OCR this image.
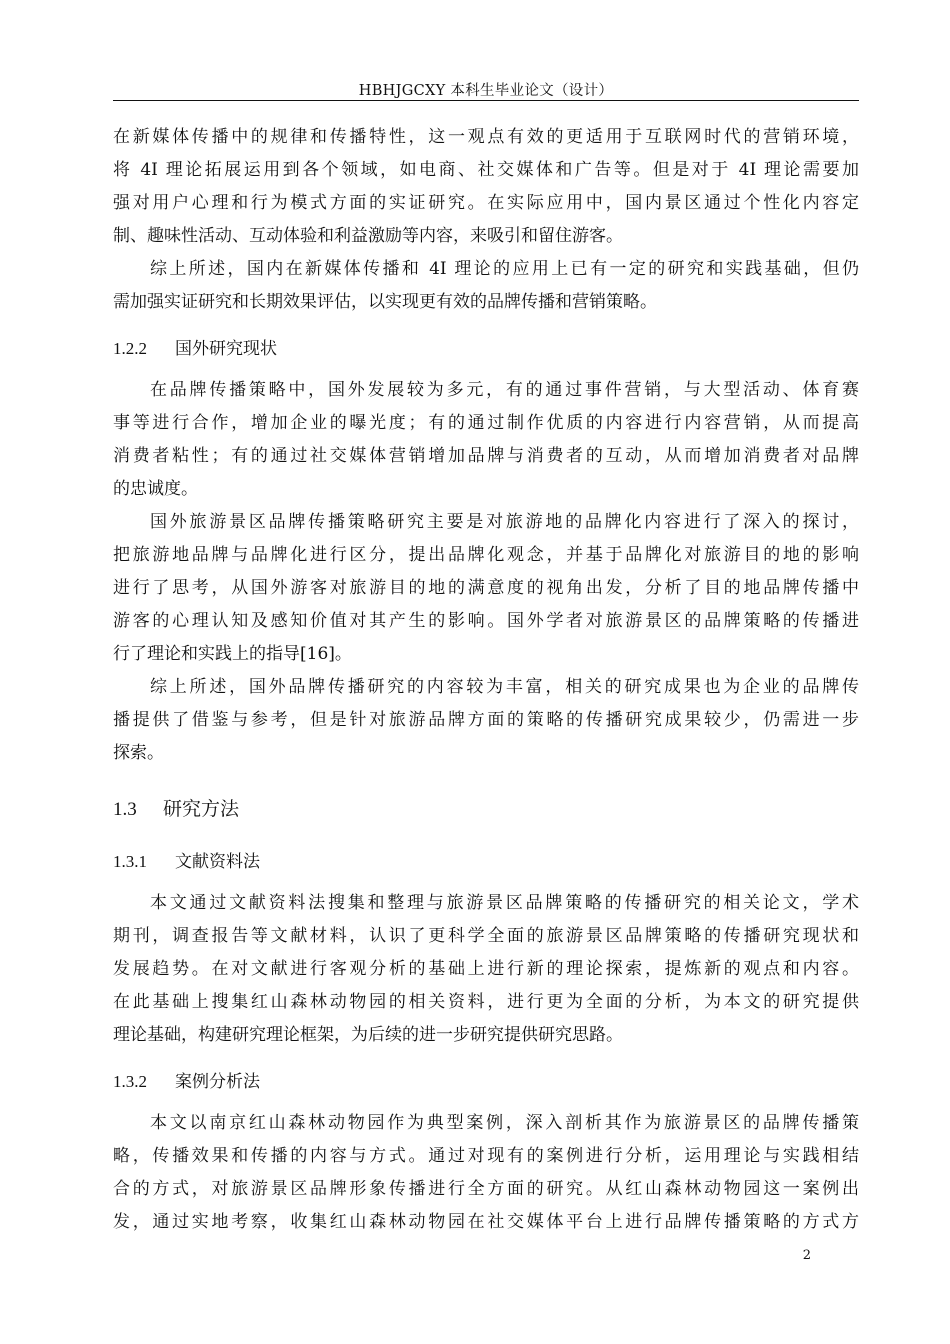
HBHJGCXY 本科生毕业论文（设计）
在新媒体传播中的规律和传播特性，这一观点有效的更适用于互联网时代的营销环境，
将 4I 理论拓展运用到各个领域，如电商、社交媒体和广告等。但是对于 4I 理论需要加
强对用户心理和行为模式方面的实证研究。在实际应用中，国内景区通过个性化内容定
制、趣味性活动、互动体验和利益激励等内容，来吸引和留住游客。
综上所述，国内在新媒体传播和 4I 理论的应用上已有一定的研究和实践基础，但仍
需加强实证研究和长期效果评估，以实现更有效的品牌传播和营销策略。
1.2.2 国外研究现状
在品牌传播策略中，国外发展较为多元，有的通过事件营销，与大型活动、体育赛
事等进行合作，增加企业的曝光度；有的通过制作优质的内容进行内容营销，从而提高
消费者粘性；有的通过社交媒体营销增加品牌与消费者的互动，从而增加消费者对品牌
的忠诚度。
国外旅游景区品牌传播策略研究主要是对旅游地的品牌化内容进行了深入的探讨，
把旅游地品牌与品牌化进行区分，提出品牌化观念，并基于品牌化对旅游目的地的影响
进行了思考，从国外游客对旅游目的地的满意度的视角出发，分析了目的地品牌传播中
游客的心理认知及感知价值对其产生的影响。国外学者对旅游景区的品牌策略的传播进
行了理论和实践上的指导[16]。
综上所述，国外品牌传播研究的内容较为丰富，相关的研究成果也为企业的品牌传
播提供了借鉴与参考，但是针对旅游品牌方面的策略的传播研究成果较少，仍需进一步
探索。
1.3 研究方法
1.3.1 文献资料法
本文通过文献资料法搜集和整理与旅游景区品牌策略的传播研究的相关论文，学术
期刊，调查报告等文献材料，认识了更科学全面的旅游景区品牌策略的传播研究现状和
发展趋势。在对文献进行客观分析的基础上进行新的理论探索，提炼新的观点和内容。
在此基础上搜集红山森林动物园的相关资料，进行更为全面的分析，为本文的研究提供
理论基础，构建研究理论框架，为后续的进一步研究提供研究思路。
1.3.2 案例分析法
本文以南京红山森林动物园作为典型案例，深入剖析其作为旅游景区的品牌传播策
略，传播效果和传播的内容与方式。通过对现有的案例进行分析，运用理论与实践相结
合的方式，对旅游景区品牌形象传播进行全方面的研究。从红山森林动物园这一案例出
发，通过实地考察，收集红山森林动物园在社交媒体平台上进行品牌传播策略的方式方
2
